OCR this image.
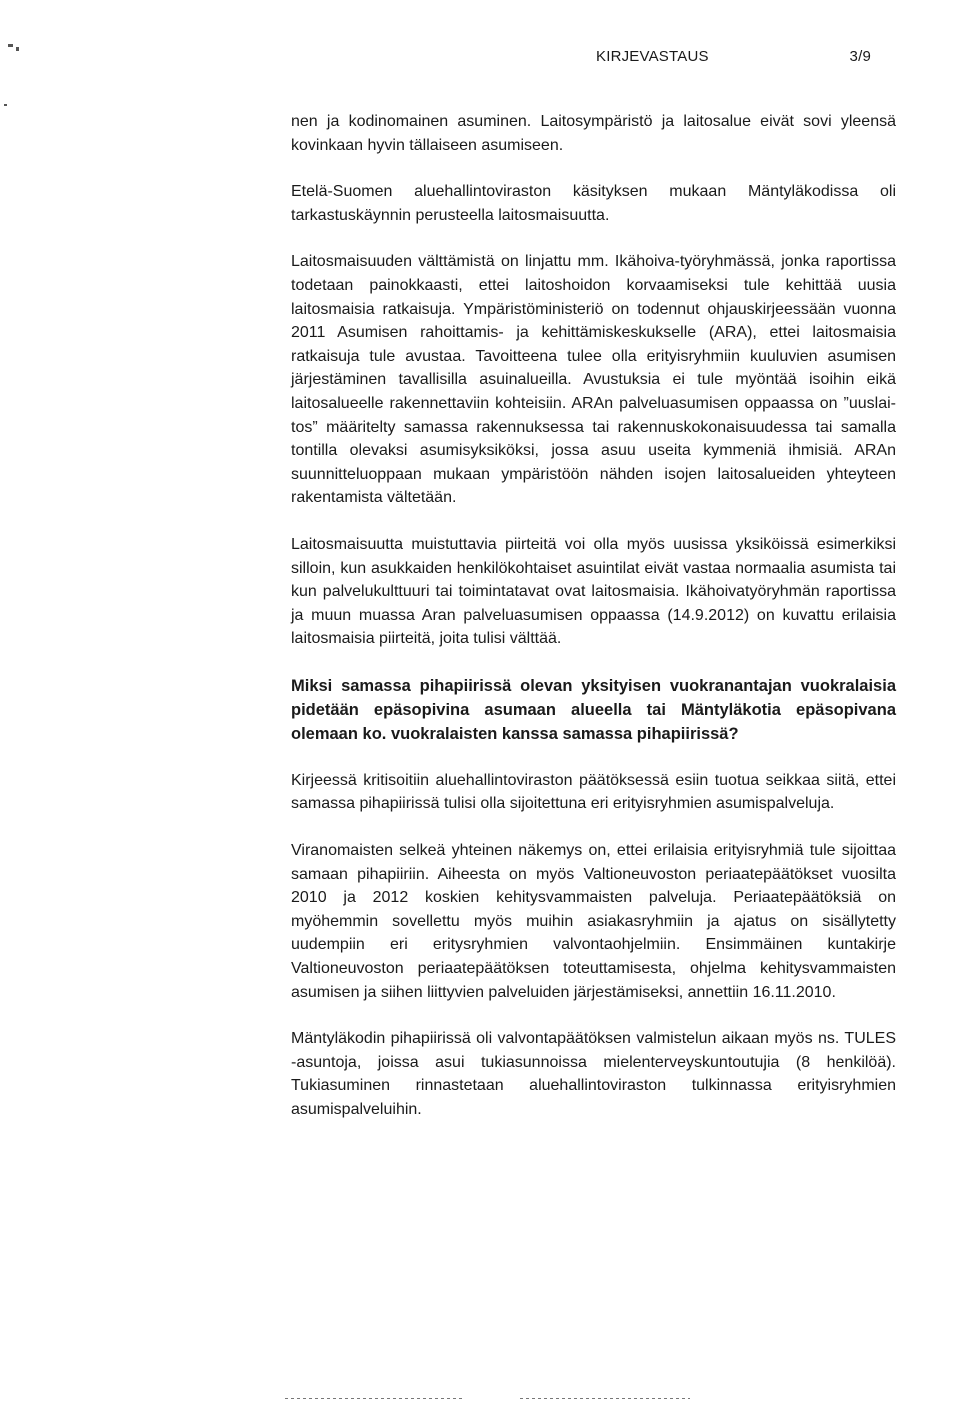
KIRJEVASTAUS	3/9

nen ja kodinomainen asuminen. Laitosympäristö ja laitosalue eivät sovi yleensä kovinkaan hyvin tällaiseen asumiseen.

Etelä-Suomen aluehallintoviraston käsityksen mukaan Mäntyläkodissa oli tarkastuskäynnin perusteella laitosmaisuutta.

Laitosmaisuuden välttämistä on linjattu mm. Ikähoiva-työryhmässä, jonka raportissa todetaan painokkaasti, ettei laitoshoidon korvaamiseksi tule kehittää uusia laitosmaisia ratkaisuja. Ympäristöministeriö on todennut ohjauskirjeessään vuonna 2011 Asumisen rahoittamis- ja kehittämiskeskukselle (ARA), ettei laitosmaisia ratkaisuja tule avustaa. Tavoitteena tulee olla erityisryhmiin kuuluvien asumisen järjestäminen tavallisilla asuinalueilla. Avustuksia ei tule myöntää isoihin eikä laitosalueelle rakennettaviin kohteisiin. ARAn palveluasumisen oppaassa on ”uuslaitos” määritelty samassa rakennuksessa tai rakennuskokonaisuudessa tai samalla tontilla olevaksi asumisyksiköksi, jossa asuu useita kymmeniä ihmisiä. ARAn suunnitteluoppaan mukaan ympäristöön nähden isojen laitosalueiden yhteyteen rakentamista vältetään.

Laitosmaisuutta muistuttavia piirteitä voi olla myös uusissa yksiköissä esimerkiksi silloin, kun asukkaiden henkilökohtaiset asuintilat eivät vastaa normaalia asumista tai kun palvelukulttuuri tai toimintatavat ovat laitosmaisia. Ikähoivatyöryhmän raportissa ja muun muassa Aran palveluasumisen oppaassa (14.9.2012) on kuvattu erilaisia laitosmaisia piirteitä, joita tulisi välttää.

Miksi samassa pihapiirissä olevan yksityisen vuokranantajan vuokralaisia pidetään epäsopivina asumaan alueella tai Mäntyläkotia epäsopivana olemaan ko. vuokralaisten kanssa samassa pihapiirissä?

Kirjeessä kritisoitiin aluehallintoviraston päätöksessä esiin tuotua seikkaa siitä, ettei samassa pihapiirissä tulisi olla sijoitettuna eri erityisryhmien asumispalveluja.

Viranomaisten selkeä yhteinen näkemys on, ettei erilaisia erityisryhmiä tule sijoittaa samaan pihapiiriin. Aiheesta on myös Valtioneuvoston periaatepäätökset vuosilta 2010 ja 2012 koskien kehitysvammaisten palveluja. Periaatepäätöksiä on myöhemmin sovellettu myös muihin asiakasryhmiin ja ajatus on sisällytetty uudempiin eri eritysryhmien valvontaohjelmiin. Ensimmäinen kuntakirje Valtioneuvoston periaatepäätöksen toteuttamisesta, ohjelma kehitysvammaisten asumisen ja siihen liittyvien palveluiden järjestämiseksi, annettiin 16.11.2010.

Mäntyläkodin pihapiirissä oli valvontapäätöksen valmistelun aikaan myös ns. TULES -asuntoja, joissa asui tukiasunnoissa mielenterveyskuntoutujia (8 henkilöä). Tukiasuminen rinnastetaan aluehallintoviraston tulkinnassa erityisryhmien asumispalveluihin.
